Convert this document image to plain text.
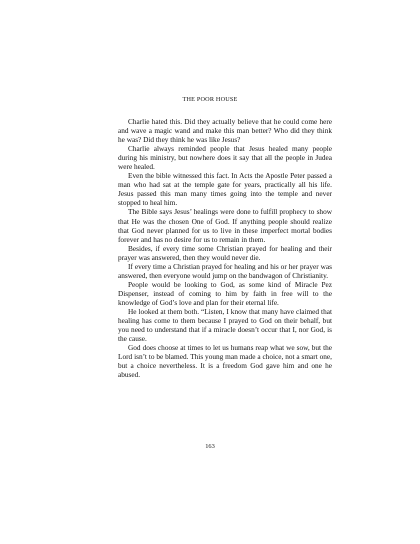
THE POOR HOUSE

Charlie hated this. Did they actually believe that he could come here and wave a magic wand and make this man better? Who did they think he was? Did they think he was like Jesus?

Charlie always reminded people that Jesus healed many people during his ministry, but nowhere does it say that all the people in Judea were healed.

Even the bible witnessed this fact. In Acts the Apostle Peter passed a man who had sat at the temple gate for years, practically all his life. Jesus passed this man many times going into the temple and never stopped to heal him.

The Bible says Jesus’ healings were done to fulfill prophecy to show that He was the chosen One of God. If anything people should realize that God never planned for us to live in these imperfect mortal bodies forever and has no desire for us to remain in them.

Besides, if every time some Christian prayed for healing and their prayer was answered, then they would never die.

If every time a Christian prayed for healing and his or her prayer was answered, then everyone would jump on the bandwagon of Christianity.

People would be looking to God, as some kind of Miracle Pez Dispenser, instead of coming to him by faith in free will to the knowledge of God’s love and plan for their eternal life.

He looked at them both. “Listen, I know that many have claimed that healing has come to them because I prayed to God on their behalf, but you need to understand that if a miracle doesn’t occur that I, nor God, is the cause.

God does choose at times to let us humans reap what we sow, but the Lord isn’t to be blamed. This young man made a choice, not a smart one, but a choice nevertheless. It is a freedom God gave him and one he abused.

163
